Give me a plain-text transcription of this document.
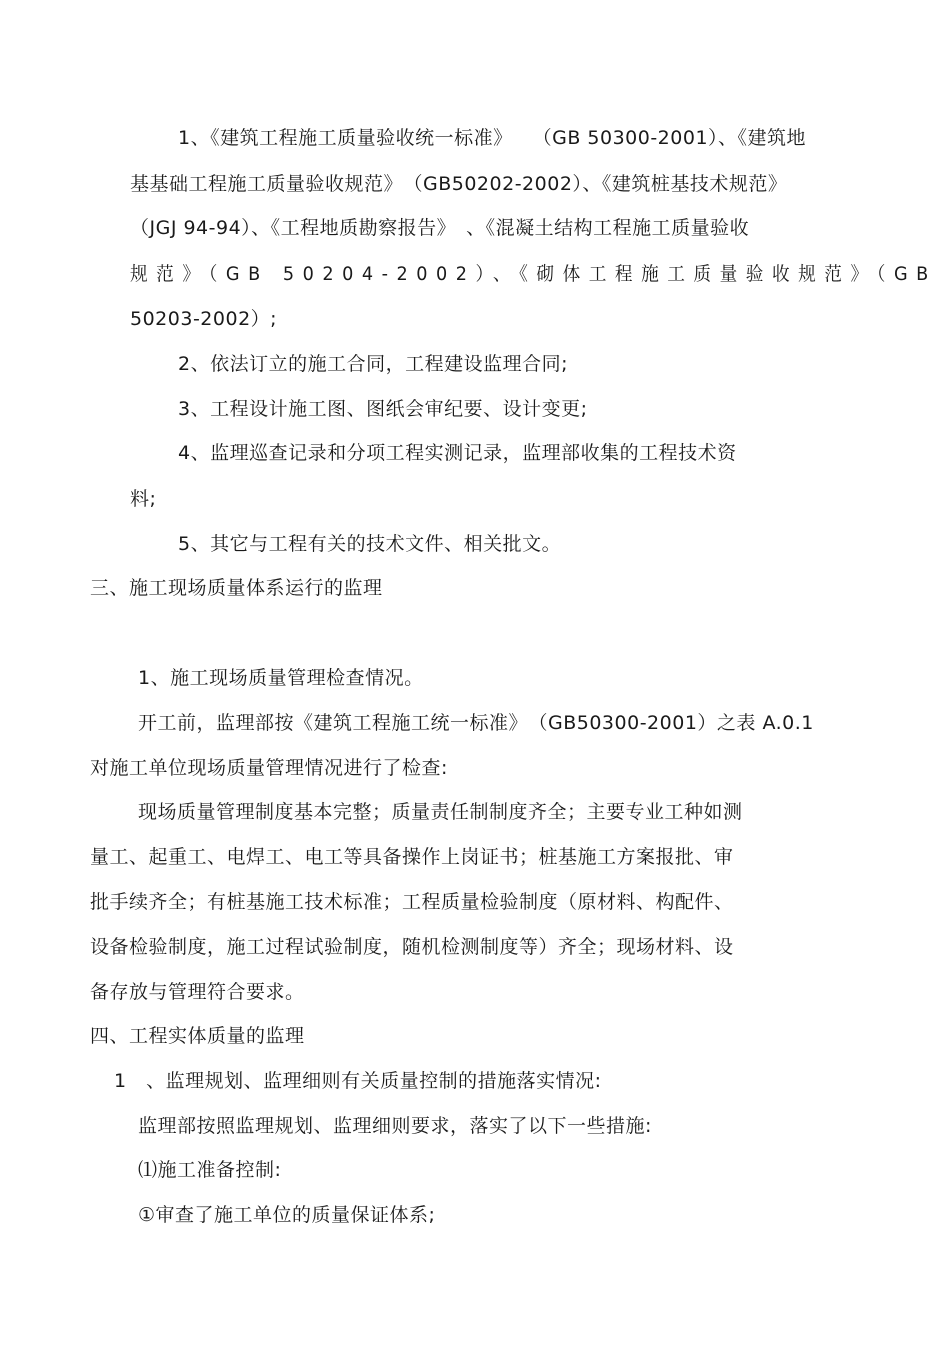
1、《建筑工程施工质量验收统一标准》　　（GB 50300-2001）、《建筑地
基基础工程施工质量验收规范》　（GB50202-2002）、《建筑桩基技术规范》
（JGJ 94-94）、《工程地质勘察报告》　、《混凝土结构工程施工质量验收
规范》（GB 50204-2002）、《砌体工程施工质量验收规范》（GB
50203-2002）;
2、依法订立的施工合同，工程建设监理合同;
3、工程设计施工图、图纸会审纪要、设计变更;
4、监理巡查记录和分项工程实测记录，监理部收集的工程技术资
料;
5、其它与工程有关的技术文件、相关批文。
三、施工现场质量体系运行的监理
1、施工现场质量管理检查情况。
开工前，监理部按《建筑工程施工统一标准》　（GB50300-2001）之表 A.0.1
对施工单位现场质量管理情况进行了检查:
现场质量管理制度基本完整；质量责任制制度齐全；主要专业工种如测
量工、起重工、电焊工、电工等具备操作上岗证书；桩基施工方案报批、审
批手续齐全；有桩基施工技术标准；工程质量检验制度（原材料、构配件、
设备检验制度，施工过程试验制度，随机检测制度等）齐全；现场材料、设
备存放与管理符合要求。
四、工程实体质量的监理
1　、监理规划、监理细则有关质量控制的措施落实情况:
监理部按照监理规划、监理细则要求，落实了以下一些措施:
⑴施工准备控制:
①审查了施工单位的质量保证体系;
